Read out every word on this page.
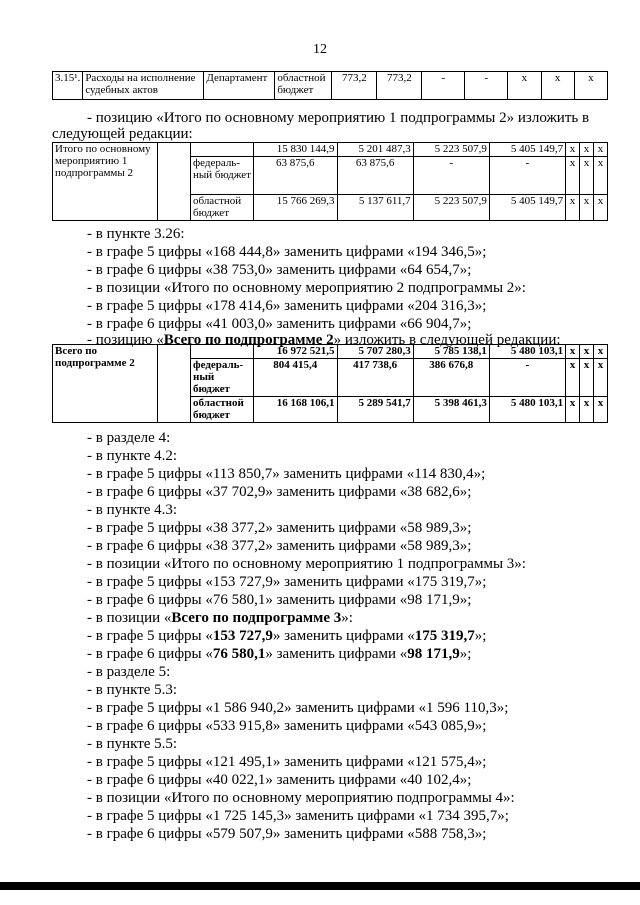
12
3.15¹.	Расходы на исполнение судебных актов	Департамент	областной бюджет	773,2	773,2	-	-	х	х	х
- позицию «Итого по основному мероприятию 1 подпрограммы 2» изложить в
следующей редакции:
Итого по основному мероприятию 1 подпрограммы 2			15 830 144,9	5 201 487,3	5 223 507,9	5 405 149,7	х	х	х
		федераль-ный бюджет	63 875,6	63 875,6	-	-	х	х	х
		областной бюджет	15 766 269,3	5 137 611,7	5 223 507,9	5 405 149,7	х	х	х
- в пункте 3.26:
- в графе 5 цифры «168 444,8» заменить цифрами «194 346,5»;
- в графе 6 цифры «38 753,0» заменить цифрами «64 654,7»;
- в позиции «Итого по основному мероприятию 2 подпрограммы 2»:
- в графе 5 цифры «178 414,6» заменить цифрами «204 316,3»;
- в графе 6 цифры «41 003,0» заменить цифрами «66 904,7»;
- позицию «Всего по подпрограмме 2» изложить в следующей редакции:
Всего по подпрограмме 2			16 972 521,5	5 707 280,3	5 785 138,1	5 480 103,1	х	х	х
		федераль-ный бюджет	804 415,4	417 738,6	386 676,8	-	х	х	х
		областной бюджет	16 168 106,1	5 289 541,7	5 398 461,3	5 480 103,1	х	х	х
- в разделе 4:
- в пункте 4.2:
- в графе 5 цифры «113 850,7» заменить цифрами «114 830,4»;
- в графе 6 цифры «37 702,9» заменить цифрами «38 682,6»;
- в пункте 4.3:
- в графе 5 цифры «38 377,2» заменить цифрами «58 989,3»;
- в графе 6 цифры «38 377,2» заменить цифрами «58 989,3»;
- в позиции «Итого по основному мероприятию 1 подпрограммы 3»:
- в графе 5 цифры «153 727,9» заменить цифрами «175 319,7»;
- в графе 6 цифры «76 580,1» заменить цифрами «98 171,9»;
- в позиции «Всего по подпрограмме 3»:
- в графе 5 цифры «153 727,9» заменить цифрами «175 319,7»;
- в графе 6 цифры «76 580,1» заменить цифрами «98 171,9»;
- в разделе 5:
- в пункте 5.3:
- в графе 5 цифры «1 586 940,2» заменить цифрами «1 596 110,3»;
- в графе 6 цифры «533 915,8» заменить цифрами «543 085,9»;
- в пункте 5.5:
- в графе 5 цифры «121 495,1» заменить цифрами «121 575,4»;
- в графе 6 цифры «40 022,1» заменить цифрами «40 102,4»;
- в позиции «Итого по основному мероприятию подпрограммы 4»:
- в графе 5 цифры «1 725 145,3» заменить цифрами «1 734 395,7»;
- в графе 6 цифры «579 507,9» заменить цифрами «588 758,3»;
